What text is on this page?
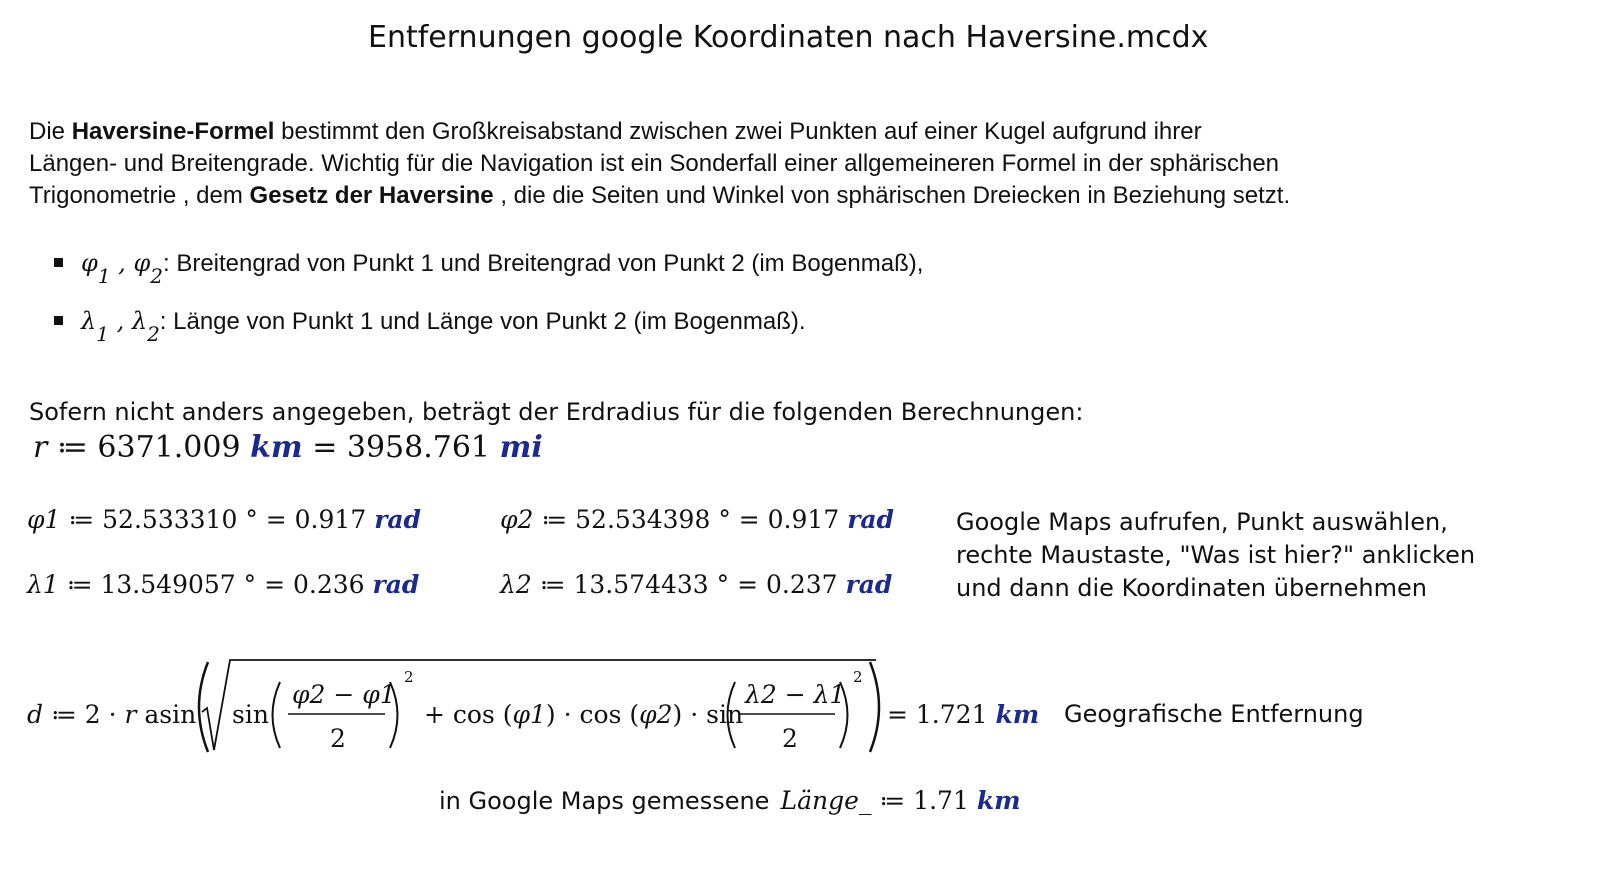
Entfernungen google Koordinaten nach Haversine.mcdx
Die Haversine-Formel bestimmt den Großkreisabstand zwischen zwei Punkten auf einer Kugel aufgrund ihrer
Längen- und Breitengrade. Wichtig für die Navigation ist ein Sonderfall einer allgemeineren Formel in der sphärischen
Trigonometrie , dem Gesetz der Haversine , die die Seiten und Winkel von sphärischen Dreiecken in Beziehung setzt.
$\varphi_1$ , $\varphi_2$: Breitengrad von Punkt 1 und Breitengrad von Punkt 2 (im Bogenmaß),
$\lambda_1$ , $\lambda_2$: Länge von Punkt 1 und Länge von Punkt 2 (im Bogenmaß).
Sofern nicht anders angegeben, beträgt der Erdradius für die folgenden Berechnungen:
r ≔ 6371.009 km = 3958.761 mi
φ1 ≔ 52.533310 ° = 0.917 rad	φ2 ≔ 52.534398 ° = 0.917 rad
λ1 ≔ 13.549057 ° = 0.236 rad	λ2 ≔ 13.574433 ° = 0.237 rad
Google Maps aufrufen, Punkt auswählen,
rechte Maustaste, "Was ist hier?" anklicken
und dann die Koordinaten übernehmen
d ≔ 2 · r asin sin
φ2 − φ1
2
2
+ cos (φ1) · cos (φ2) · sin
λ2 − λ1
2
2
= 1.721 km Geografische Entfernung
in Google Maps gemessene Länge_ ≔ 1.71 km
